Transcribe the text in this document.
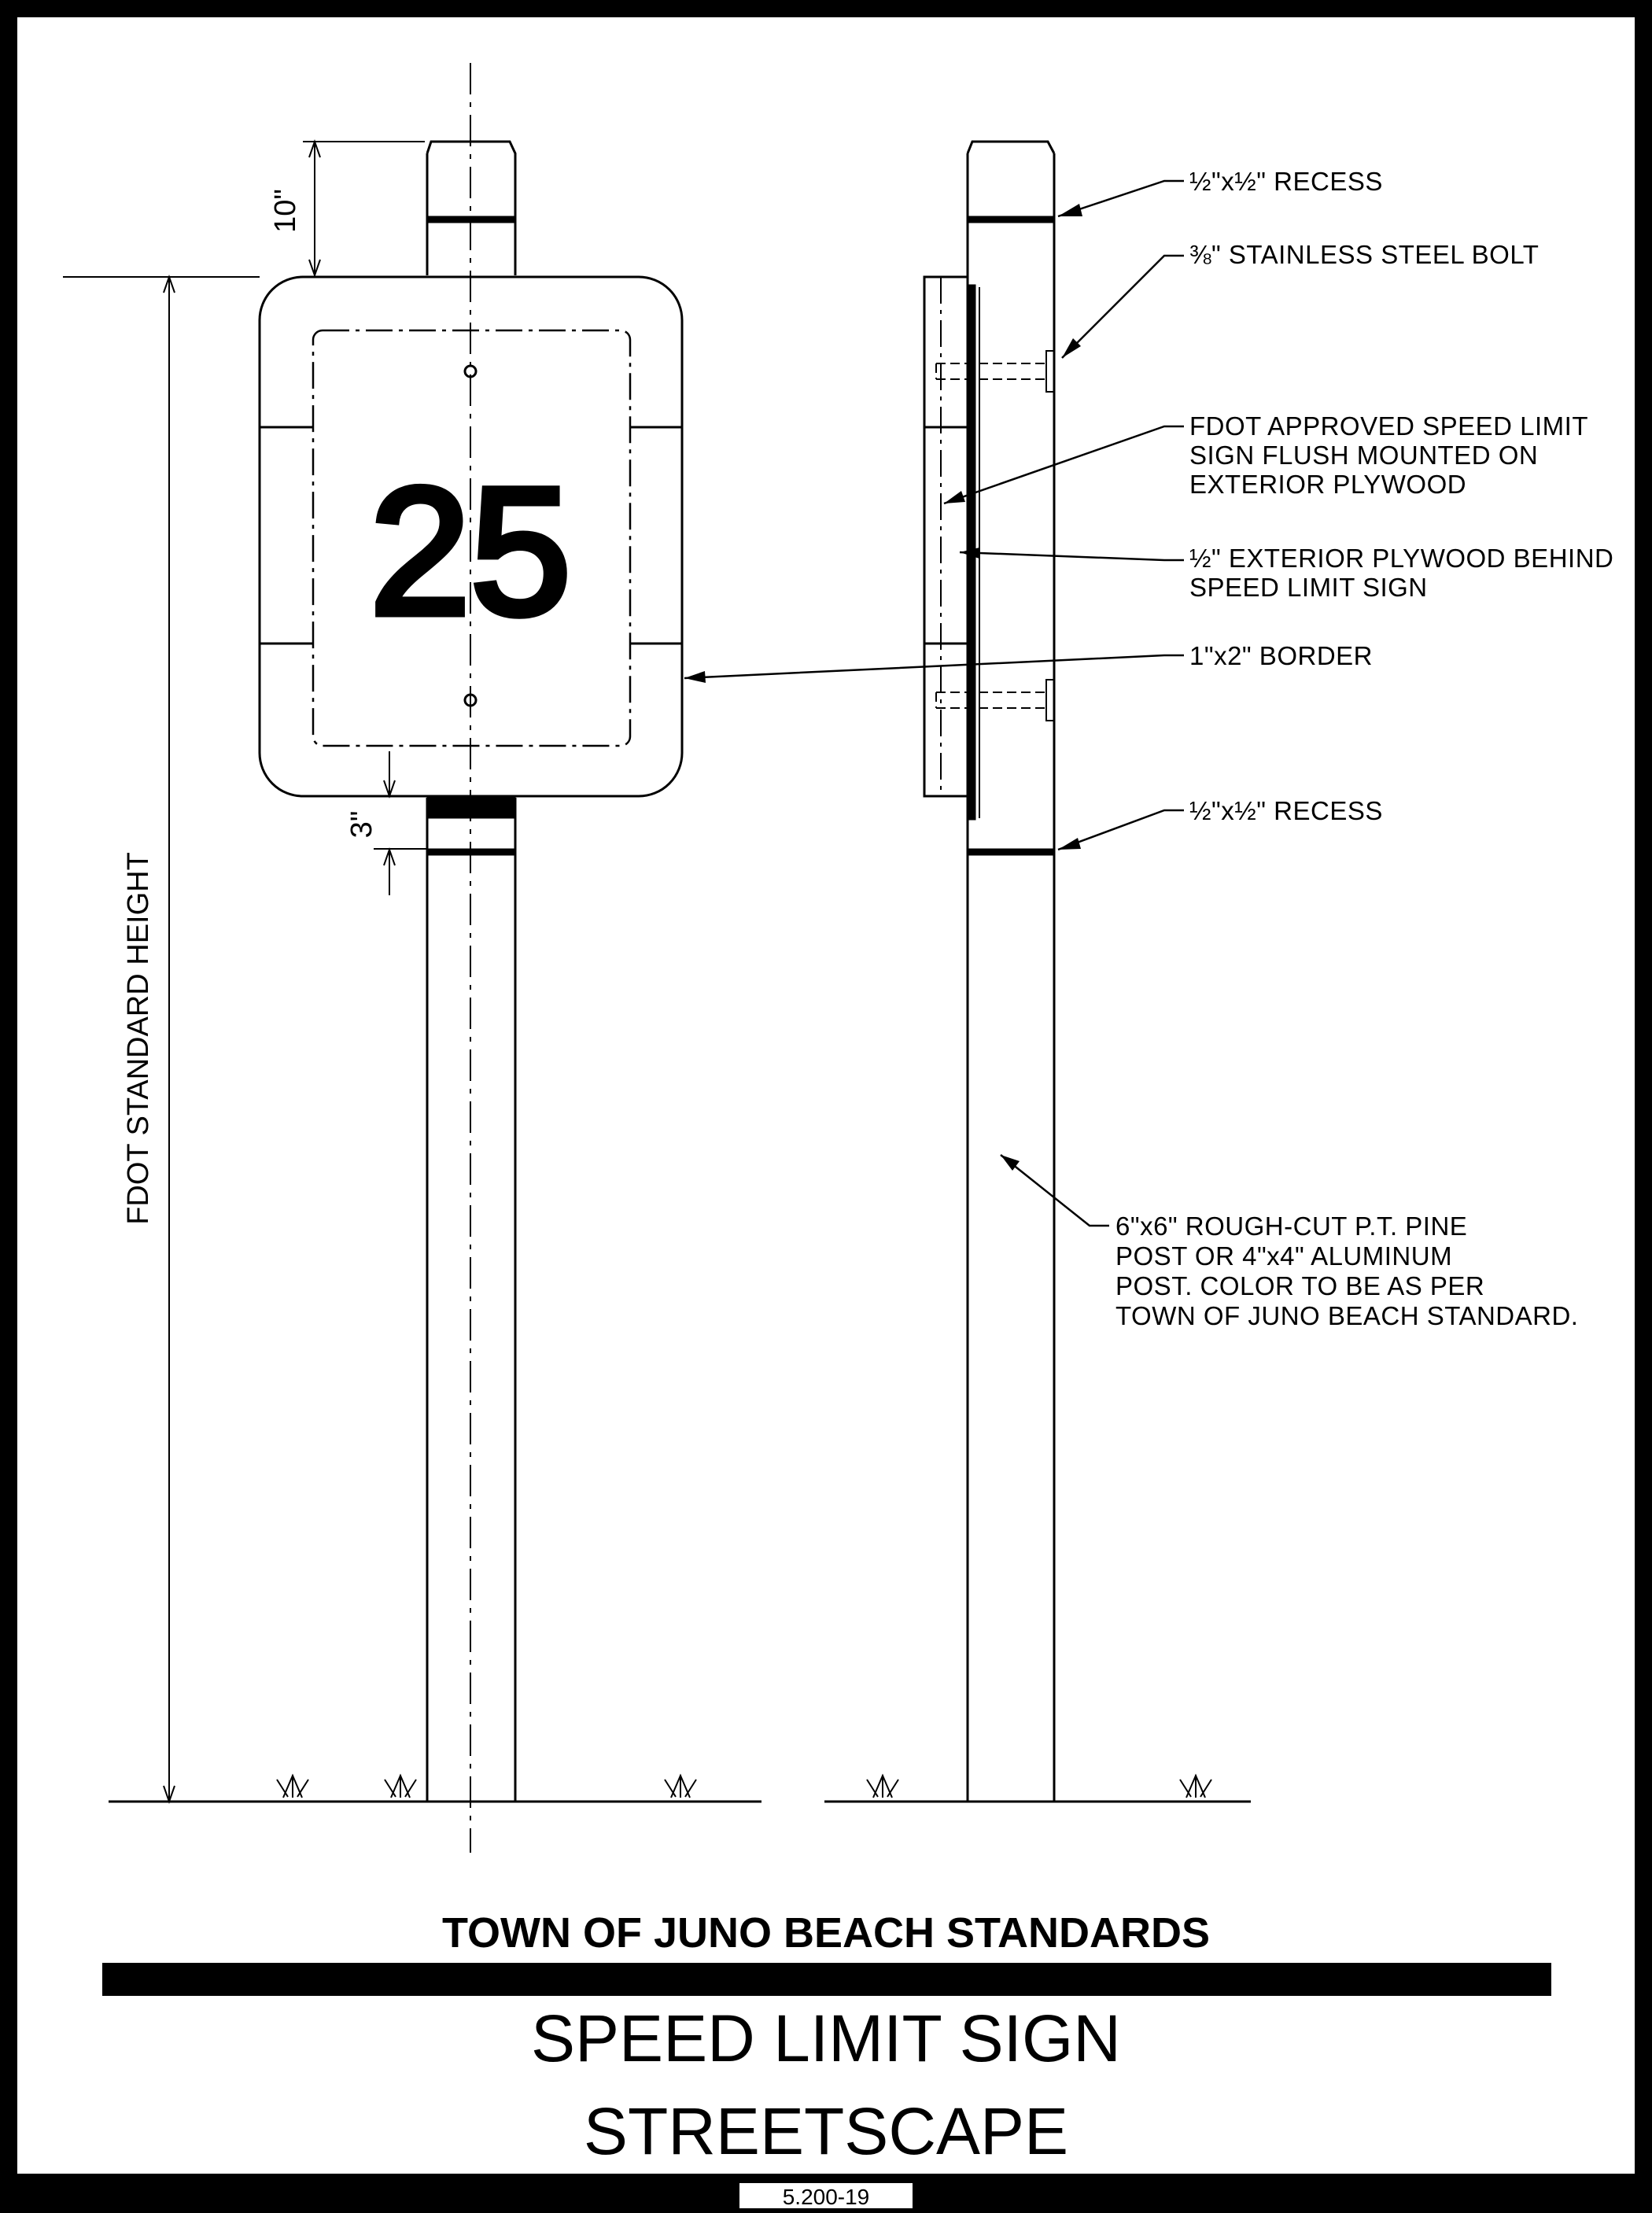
25
10"
3"
FDOT STANDARD HEIGHT
½"x½" RECESS
⅜" STAINLESS STEEL BOLT
FDOT APPROVED SPEED LIMIT
SIGN FLUSH MOUNTED ON
EXTERIOR PLYWOOD
½" EXTERIOR PLYWOOD BEHIND
SPEED LIMIT SIGN
1"x2" BORDER
½"x½" RECESS
6"x6" ROUGH-CUT P.T. PINE
POST OR 4"x4" ALUMINUM
POST. COLOR TO BE AS PER
TOWN OF JUNO BEACH STANDARD.
TOWN OF JUNO BEACH STANDARDS
SPEED LIMIT SIGN
STREETSCAPE
5.200-19
